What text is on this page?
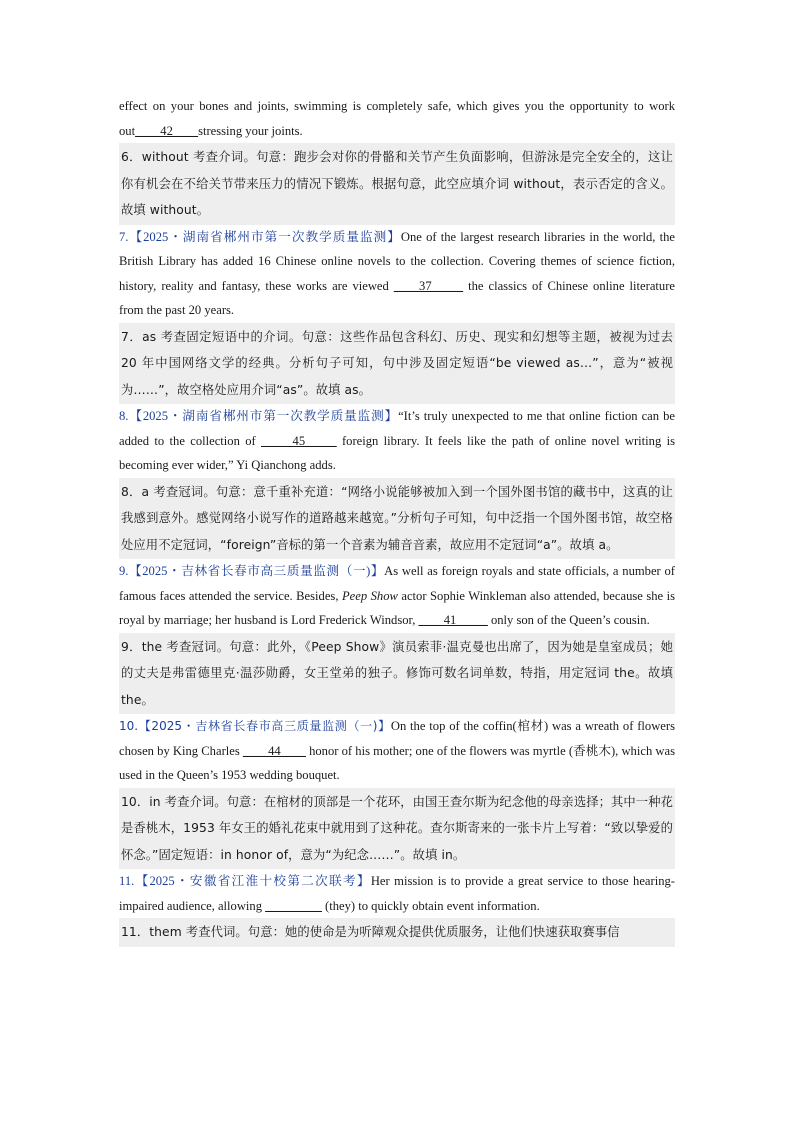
effect on your bones and joints, swimming is completely safe, which gives you the opportunity to work out____42____stressing your joints.
6．without 考查介词。句意：跑步会对你的骨骼和关节产生负面影响，但游泳是完全安全的，这让你有机会在不给关节带来压力的情况下锻炼。根据句意，此空应填介词 without，表示否定的含义。故填 without。
7.【2025・湖南省郴州市第一次教学质量监测】One of the largest research libraries in the world, the British Library has added 16 Chinese online novels to the collection. Covering themes of science fiction, history, reality and fantasy, these works are viewed ____37_____ the classics of Chinese online literature from the past 20 years.
7．as 考查固定短语中的介词。句意：这些作品包含科幻、历史、现实和幻想等主题，被视为过去 20 年中国网络文学的经典。分析句子可知，句中涉及固定短语“be viewed as…”，意为“被视为……”，故空格处应用介词“as”。故填 as。
8.【2025・湖南省郴州市第一次教学质量监测】“It’s truly unexpected to me that online fiction can be added to the collection of _____45_____ foreign library. It feels like the path of online novel writing is becoming ever wider,” Yi Qianchong adds.
8．a 考查冠词。句意：意千重补充道：“网络小说能够被加入到一个国外图书馆的藏书中，这真的让我感到意外。感觉网络小说写作的道路越来越宽。”分析句子可知，句中泛指一个国外图书馆，故空格处应用不定冠词，“foreign”音标的第一个音素为辅音音素，故应用不定冠词“a”。故填 a。
9.【2025・吉林省长春市高三质量监测（一)】As well as foreign royals and state officials, a number of famous faces attended the service. Besides, Peep Show actor Sophie Winkleman also attended, because she is royal by marriage; her husband is Lord Frederick Windsor, ____41_____ only son of the Queen’s cousin.
9．the 考查冠词。句意：此外，《Peep Show》演员索菲·温克曼也出席了，因为她是皇室成员；她的丈夫是弗雷德里克·温莎勋爵，女王堂弟的独子。修饰可数名词单数，特指，用定冠词 the。故填 the。
10.【2025・吉林省长春市高三质量监测（一)】On the top of the coffin(棺材) was a wreath of flowers chosen by King Charles ____44____ honor of his mother; one of the flowers was myrtle (香桃木), which was used in the Queen’s 1953 wedding bouquet.
10．in 考查介词。句意：在棺材的顶部是一个花环，由国王查尔斯为纪念他的母亲选择；其中一种花是香桃木，1953 年女王的婚礼花束中就用到了这种花。查尔斯寄来的一张卡片上写着：“致以挚爱的怀念。”固定短语：in honor of，意为“为纪念……”。故填 in。
11.【2025・安徽省江淮十校第二次联考】Her mission is to provide a great service to those hearing-impaired audience, allowing _________ (they) to quickly obtain event information.
11．them 考查代词。句意：她的使命是为听障观众提供优质服务，让他们快速获取赛事信
